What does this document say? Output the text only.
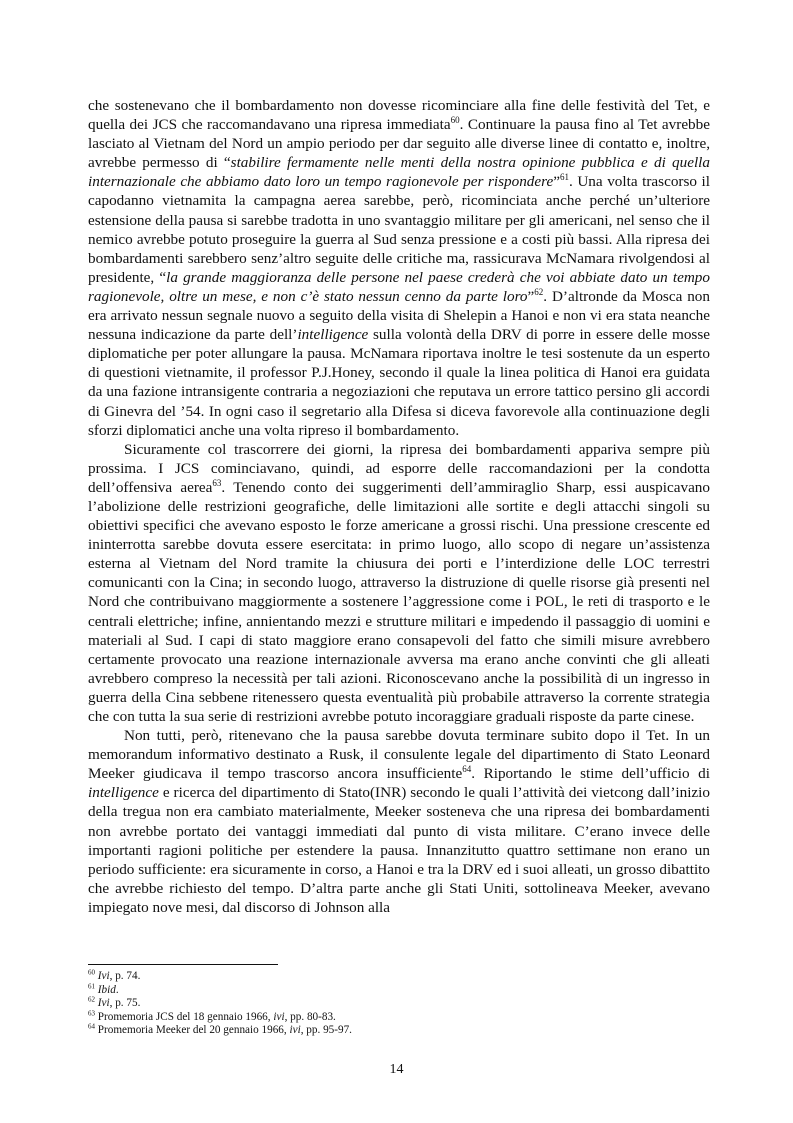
che sostenevano che il bombardamento non dovesse ricominciare alla fine delle festività del Tet, e quella dei JCS che raccomandavano una ripresa immediata$^{60}$. Continuare la pausa fino al Tet avrebbe lasciato al Vietnam del Nord un ampio periodo per dar seguito alle diverse linee di contatto e, inoltre, avrebbe permesso di “stabilire fermamente nelle menti della nostra opinione pubblica e di quella internazionale che abbiamo dato loro un tempo ragionevole per rispondere”$^{61}$. Una volta trascorso il capodanno vietnamita la campagna aerea sarebbe, però, ricominciata anche perché un’ulteriore estensione della pausa si sarebbe tradotta in uno svantaggio militare per gli americani, nel senso che il nemico avrebbe potuto proseguire la guerra al Sud senza pressione e a costi più bassi. Alla ripresa dei bombardamenti sarebbero senz’altro seguite delle critiche ma, rassicurava McNamara rivolgendosi al presidente, “la grande maggioranza delle persone nel paese crederà che voi abbiate dato un tempo ragionevole, oltre un mese, e non c’è stato nessun cenno da parte loro”$^{62}$. D’altronde da Mosca non era arrivato nessun segnale nuovo a seguito della visita di Shelepin a Hanoi e non vi era stata neanche nessuna indicazione da parte dell’intelligence sulla volontà della DRV di porre in essere delle mosse diplomatiche per poter allungare la pausa. McNamara riportava inoltre le tesi sostenute da un esperto di questioni vietnamite, il professor P.J.Honey, secondo il quale la linea politica di Hanoi era guidata da una fazione intransigente contraria a negoziazioni che reputava un errore tattico persino gli accordi di Ginevra del ’54. In ogni caso il segretario alla Difesa si diceva favorevole alla continuazione degli sforzi diplomatici anche una volta ripreso il bombardamento.

Sicuramente col trascorrere dei giorni, la ripresa dei bombardamenti appariva sempre più prossima. I JCS cominciavano, quindi, ad esporre delle raccomandazioni per la condotta dell’offensiva aerea$^{63}$. Tenendo conto dei suggerimenti dell’ammiraglio Sharp, essi auspicavano l’abolizione delle restrizioni geografiche, delle limitazioni alle sortite e degli attacchi singoli su obiettivi specifici che avevano esposto le forze americane a grossi rischi. Una pressione crescente ed ininterrotta sarebbe dovuta essere esercitata: in primo luogo, allo scopo di negare un’assistenza esterna al Vietnam del Nord tramite la chiusura dei porti e l’interdizione delle LOC terrestri comunicanti con la Cina; in secondo luogo, attraverso la distruzione di quelle risorse già presenti nel Nord che contribuivano maggiormente a sostenere l’aggressione come i POL, le reti di trasporto e le centrali elettriche; infine, annientando mezzi e strutture militari e impedendo il passaggio di uomini e materiali al Sud. I capi di stato maggiore erano consapevoli del fatto che simili misure avrebbero certamente provocato una reazione internazionale avversa ma erano anche convinti che gli alleati avrebbero compreso la necessità per tali azioni. Riconoscevano anche la possibilità di un ingresso in guerra della Cina sebbene ritenessero questa eventualità più probabile attraverso la corrente strategia che con tutta la sua serie di restrizioni avrebbe potuto incoraggiare graduali risposte da parte cinese.

Non tutti, però, ritenevano che la pausa sarebbe dovuta terminare subito dopo il Tet. In un memorandum informativo destinato a Rusk, il consulente legale del dipartimento di Stato Leonard Meeker giudicava il tempo trascorso ancora insufficiente$^{64}$. Riportando le stime dell’ufficio di intelligence e ricerca del dipartimento di Stato(INR) secondo le quali l’attività dei vietcong dall’inizio della tregua non era cambiato materialmente, Meeker sosteneva che una ripresa dei bombardamenti non avrebbe portato dei vantaggi immediati dal punto di vista militare. C’erano invece delle importanti ragioni politiche per estendere la pausa. Innanzitutto quattro settimane non erano un periodo sufficiente: era sicuramente in corso, a Hanoi e tra la DRV ed i suoi alleati, un grosso dibattito che avrebbe richiesto del tempo. D’altra parte anche gli Stati Uniti, sottolineava Meeker, avevano impiegato nove mesi, dal discorso di Johnson alla

$^{60}$ Ivi, p. 74.
$^{61}$ Ibid.
$^{62}$ Ivi, p. 75.
$^{63}$ Promemoria JCS del 18 gennaio 1966, ivi, pp. 80-83.
$^{64}$ Promemoria Meeker del 20 gennaio 1966, ivi, pp. 95-97.
14
